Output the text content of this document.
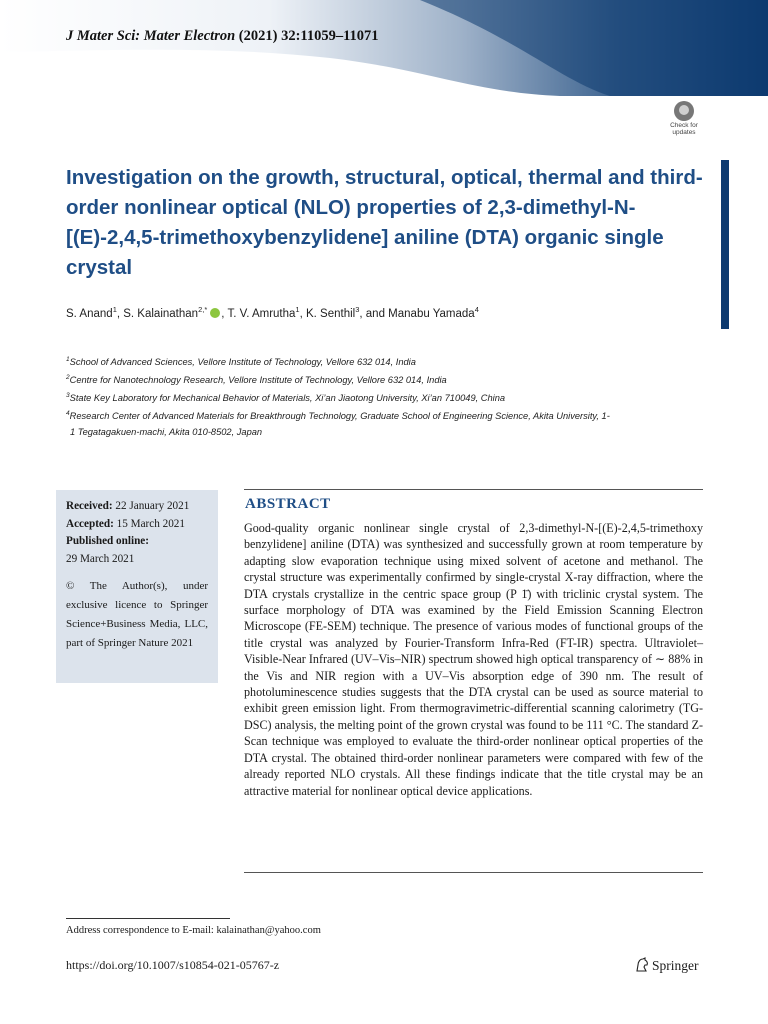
J Mater Sci: Mater Electron (2021) 32:11059–11071
Check for
updates
Investigation on the growth, structural, optical, thermal and third-order nonlinear optical (NLO) properties of 2,3-dimethyl-N-[(E)-2,4,5-trimethoxybenzylidene] aniline (DTA) organic single crystal
S. Anand$^1$, S. Kalainathan$^{2,*}$ , T. V. Amrutha$^1$, K. Senthil$^3$, and Manabu Yamada$^4$
$^1$School of Advanced Sciences, Vellore Institute of Technology, Vellore 632 014, India
$^2$Centre for Nanotechnology Research, Vellore Institute of Technology, Vellore 632 014, India
$^3$State Key Laboratory for Mechanical Behavior of Materials, Xi’an Jiaotong University, Xi’an 710049, China
$^4$Research Center of Advanced Materials for Breakthrough Technology, Graduate School of Engineering Science, Akita University, 1-
1 Tegatagakuen-machi, Akita 010-8502, Japan
Received: 22 January 2021
Accepted: 15 March 2021
Published online:
29 March 2021
© The Author(s), under exclusive licence to Springer Science+Business Media, LLC, part of Springer Nature 2021
ABSTRACT

Good-quality organic nonlinear single crystal of 2,3-dimethyl-N-[(E)-2,4,5-trimethoxy benzylidene] aniline (DTA) was synthesized and successfully grown at room temperature by adapting slow evaporation technique using mixed solvent of acetone and methanol. The crystal structure was experimentally confirmed by single-crystal X-ray diffraction, where the DTA crystals crystallize in the centric space group (P 1̄) with triclinic crystal system. The surface morphology of DTA was examined by the Field Emission Scanning Electron Microscope (FE-SEM) technique. The presence of various modes of functional groups of the title crystal was analyzed by Fourier-Transform Infra-Red (FT-IR) spectra. Ultraviolet–Visible-Near Infrared (UV–Vis–NIR) spectrum showed high optical transparency of ∼ 88% in the Vis and NIR region with a UV–Vis absorption edge of 390 nm. The result of photoluminescence studies suggests that the DTA crystal can be used as source material to exhibit green emission light. From thermogravimetric-differential scanning calorimetry (TG-DSC) analysis, the melting point of the grown crystal was found to be 111 °C. The standard Z-Scan technique was employed to evaluate the third-order nonlinear optical properties of the DTA crystal. The obtained third-order nonlinear parameters were compared with few of the already reported NLO crystals. All these findings indicate that the title crystal may be an attractive material for nonlinear optical device applications.

Address correspondence to E-mail: kalainathan@yahoo.com
https://doi.org/10.1007/s10854-021-05767-z	Springer
